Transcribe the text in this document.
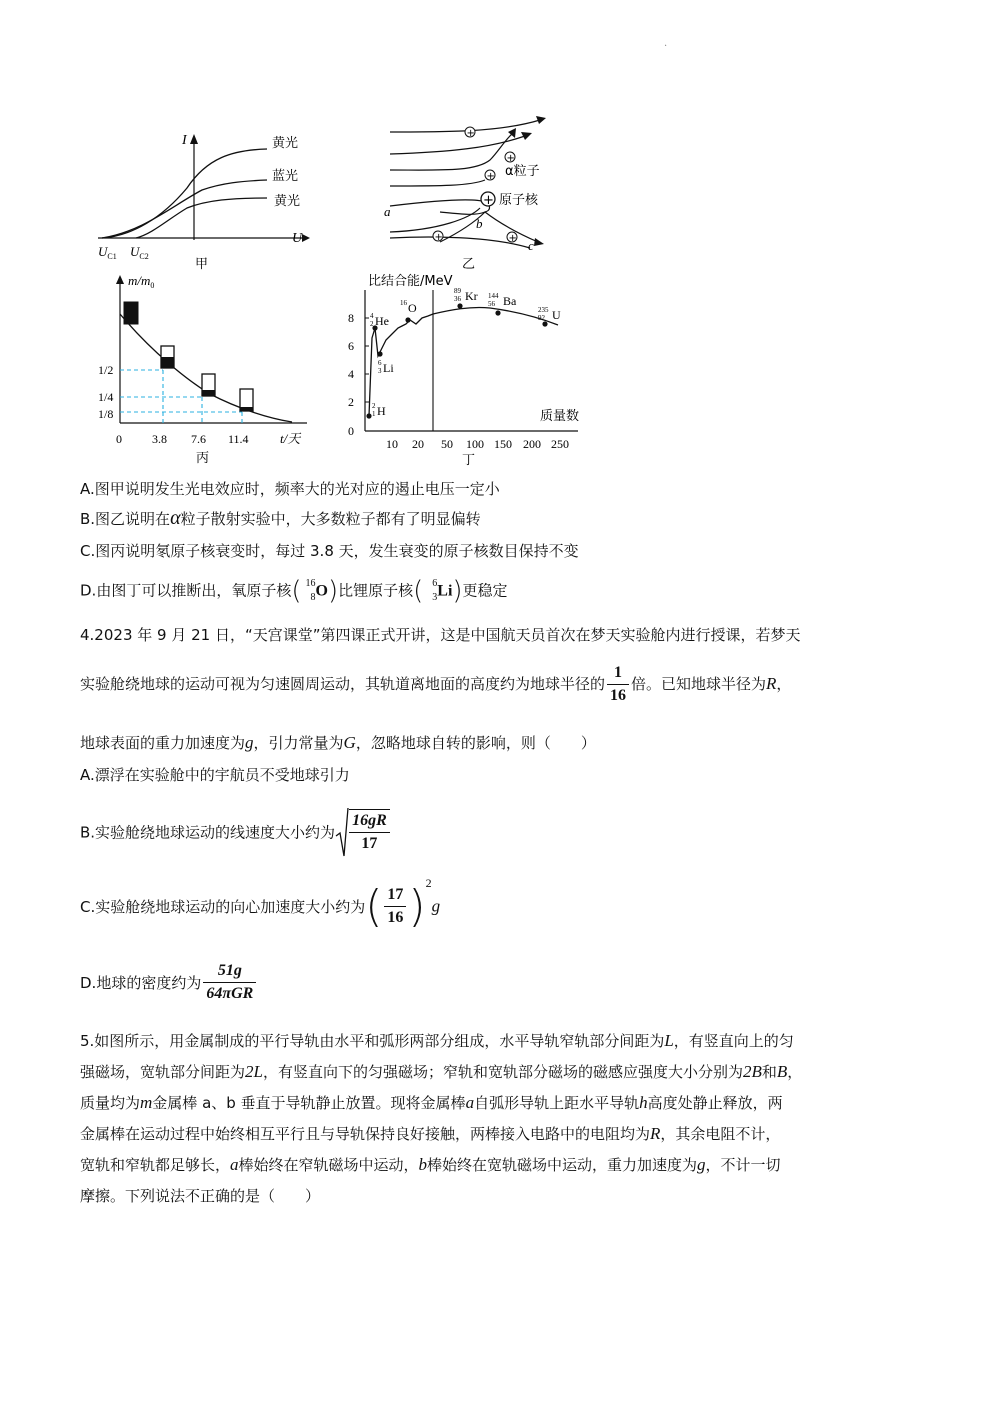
.
I
U
黄光
蓝光
黄光
$U_{C1}$ $U_{C2}$
甲
+
+
+
+
+	+
α粒子
原子核
a
b
c
乙
$m/m_0$
1/2
1/4
1/8
0	3.8 7.6 11.4 t/天
丙
比结合能/MeV
0
2
4
6
8
10 20 50 100 150 200 250
质量数
4
2 He
16 O
6
3 Li
2
1 H
89
36 Kr 144
56 Ba
235
92 U
丁
A.图甲说明发生光电效应时，频率大的光对应的遏止电压一定小
B.图乙说明在α粒子散射实验中，大多数粒子都有了明显偏转
C.图丙说明氡原子核衰变时，每过 3.8 天，发生衰变的原子核数目保持不变
D.由图丁可以推断出，氧原子核( 16
8 O)比锂原子核( 6
3 Li)更稳定
4.2023 年 9 月 21 日，“天宫课堂”第四课正式开讲，这是中国航天员首次在梦天实验舱内进行授课，若梦天
实验舱绕地球的运动可视为匀速圆周运动，其轨道离地面的高度约为地球半径的 $\frac{1}{16}$ 倍。已知地球半径为R，
地球表面的重力加速度为g，引力常量为G，忽略地球自转的影响，则（　　）
A.漂浮在实验舱中的宇航员不受地球引力
B.实验舱绕地球运动的线速度大小约为 $\frac{16gR}{17}$
C.实验舱绕地球运动的向心加速度大小约为( $\frac{17}{16} )^2g$
D.地球的密度约为 $\frac{51g}{\text{64πGR}}$
5.如图所示，用金属制成的平行导轨由水平和弧形两部分组成，水平导轨窄轨部分间距为L，有竖直向上的匀
强磁场，宽轨部分间距为2L，有竖直向下的匀强磁场；窄轨和宽轨部分磁场的磁感应强度大小分别为2B和B，
质量均为m金属棒 a、b 垂直于导轨静止放置。现将金属棒a自弧形导轨上距水平导轨h高度处静止释放，两
金属棒在运动过程中始终相互平行且与导轨保持良好接触，两棒接入电路中的电阻均为R，其余电阻不计，
宽轨和窄轨都足够长，a棒始终在窄轨磁场中运动，b棒始终在宽轨磁场中运动，重力加速度为g，不计一切
摩擦。下列说法不正确的是（　　）
